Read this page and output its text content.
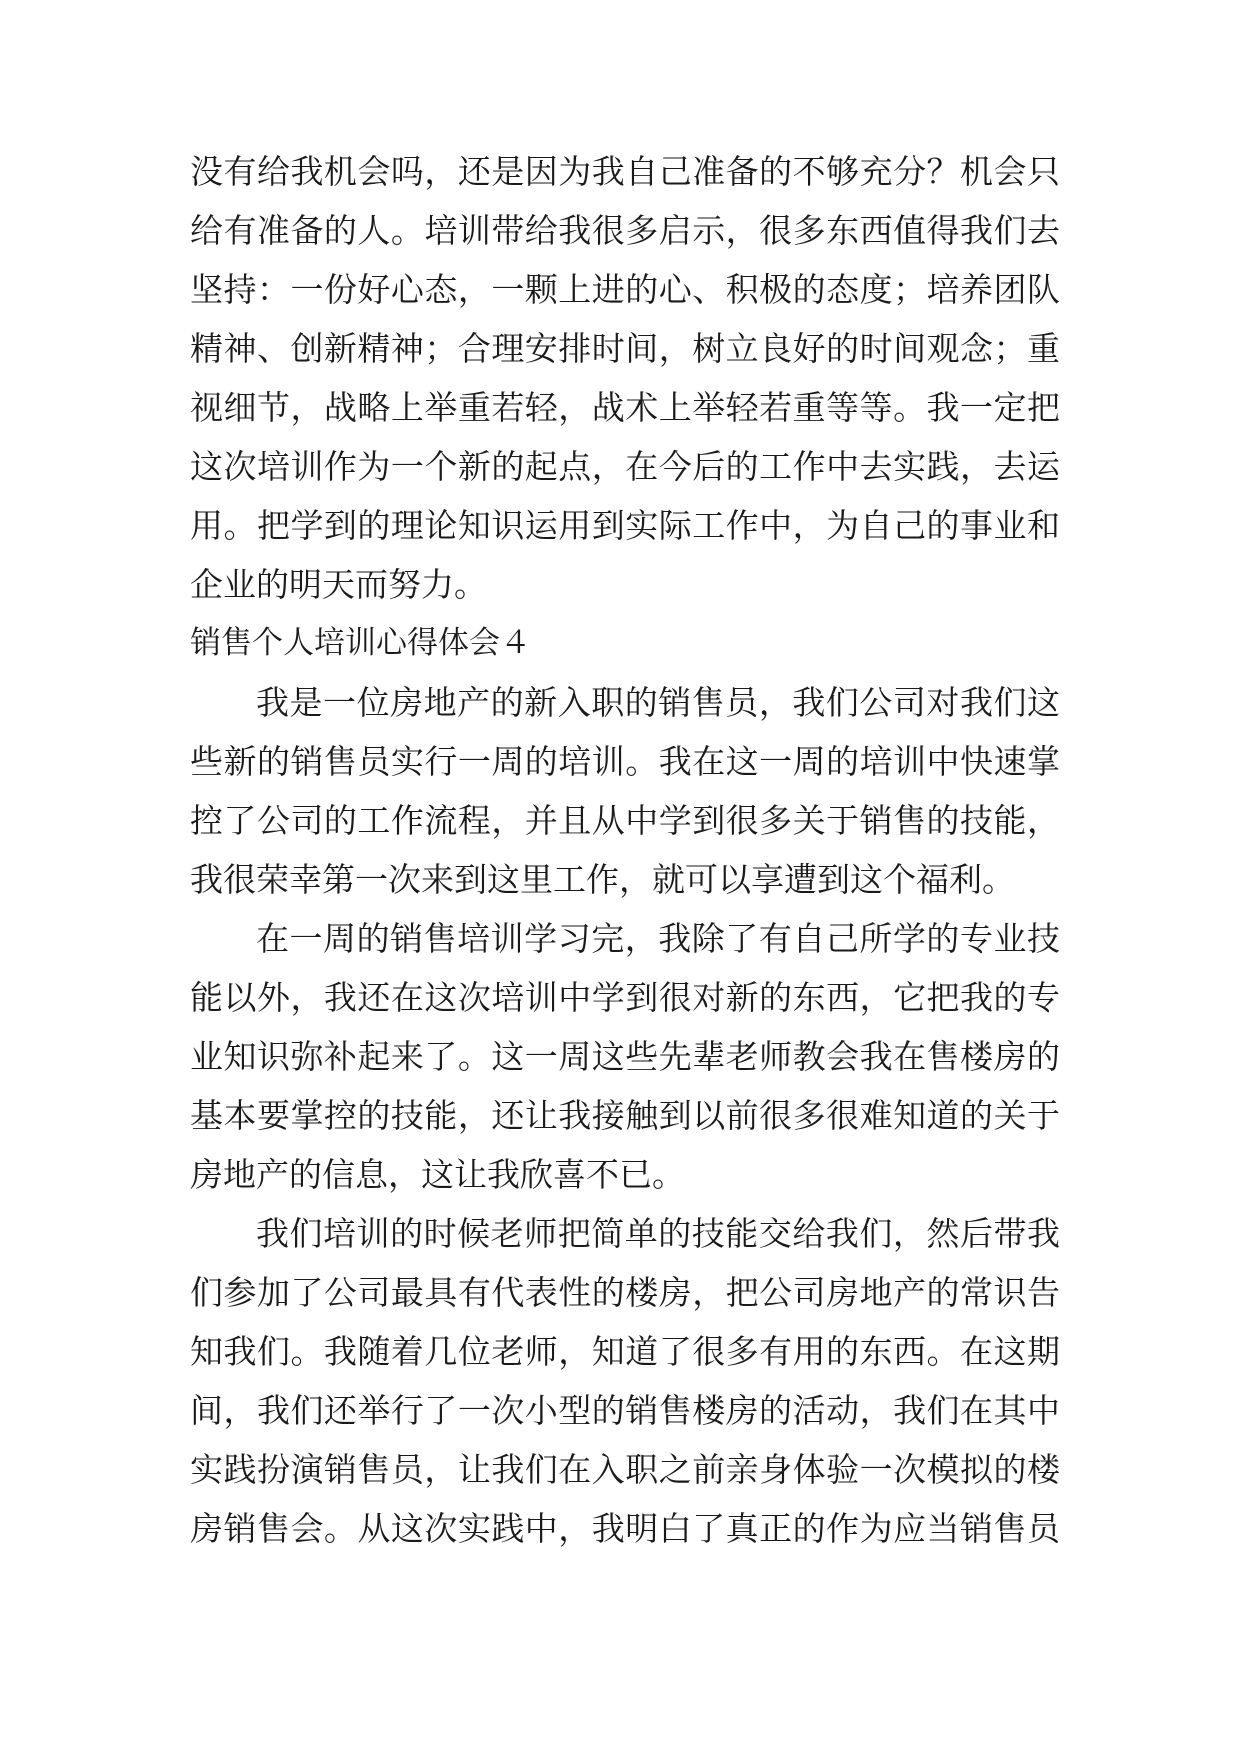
没有给我机会吗，还是因为我自己准备的不够充分？机会只
给有准备的人。培训带给我很多启示，很多东西值得我们去
坚持：一份好心态，一颗上进的心、积极的态度；培养团队
精神、创新精神；合理安排时间，树立良好的时间观念；重
视细节，战略上举重若轻，战术上举轻若重等等。我一定把
这次培训作为一个新的起点，在今后的工作中去实践，去运
用。把学到的理论知识运用到实际工作中，为自己的事业和
企业的明天而努力。
销售个人培训心得体会４
我是一位房地产的新入职的销售员，我们公司对我们这
些新的销售员实行一周的培训。我在这一周的培训中快速掌
控了公司的工作流程，并且从中学到很多关于销售的技能，
我很荣幸第一次来到这里工作，就可以享遭到这个福利。
在一周的销售培训学习完，我除了有自己所学的专业技
能以外，我还在这次培训中学到很对新的东西，它把我的专
业知识弥补起来了。这一周这些先辈老师教会我在售楼房的
基本要掌控的技能，还让我接触到以前很多很难知道的关于
房地产的信息，这让我欣喜不已。
我们培训的时候老师把简单的技能交给我们，然后带我
们参加了公司最具有代表性的楼房，把公司房地产的常识告
知我们。我随着几位老师，知道了很多有用的东西。在这期
间，我们还举行了一次小型的销售楼房的活动，我们在其中
实践扮演销售员，让我们在入职之前亲身体验一次模拟的楼
房销售会。从这次实践中，我明白了真正的作为应当销售员
